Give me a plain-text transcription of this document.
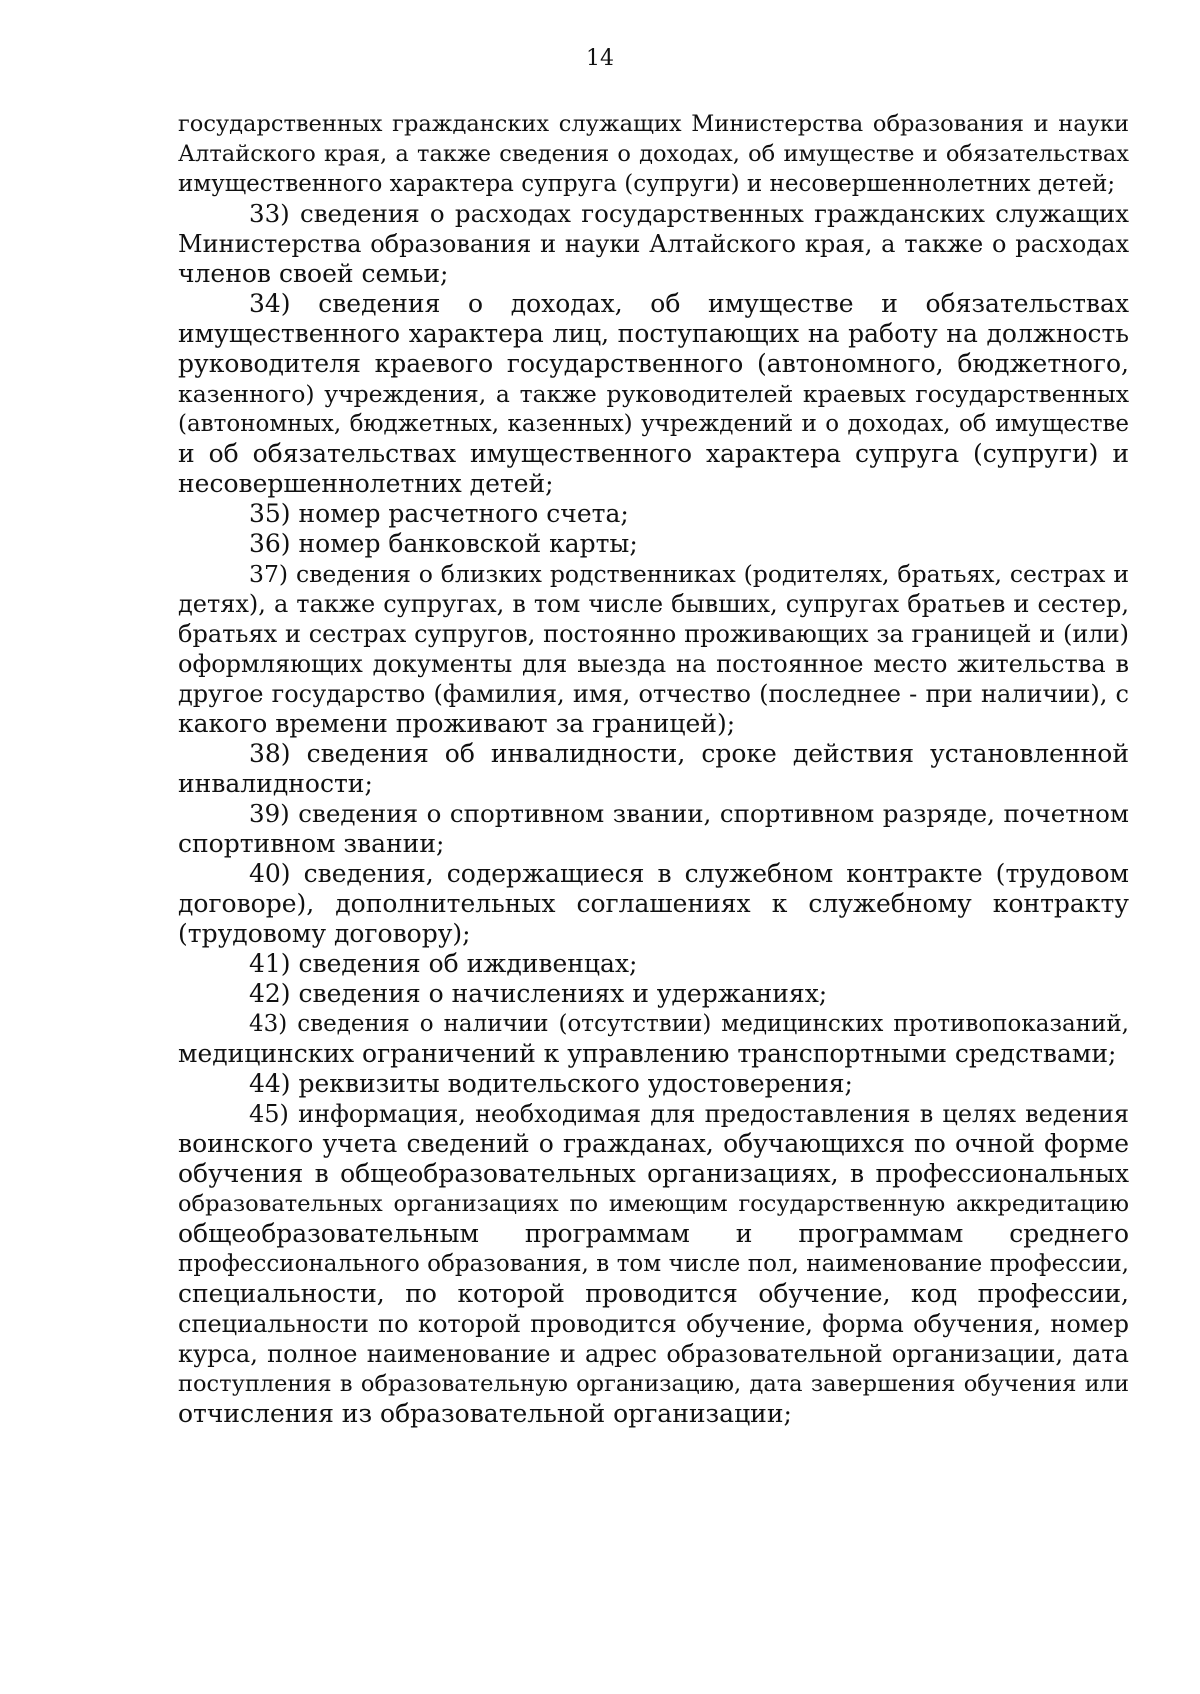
14
государственных гражданских служащих Министерства образования и науки
Алтайского края, а также сведения о доходах, об имуществе и обязательствах
имущественного характера супруга (супруги) и несовершеннолетних детей;
33) сведения о расходах государственных гражданских служащих
Министерства образования и науки Алтайского края, а также о расходах
членов своей семьи;
34) сведения о доходах, об имуществе и обязательствах
имущественного характера лиц, поступающих на работу на должность
руководителя краевого государственного (автономного, бюджетного,
казенного) учреждения, а также руководителей краевых государственных
(автономных, бюджетных, казенных) учреждений и о доходах, об имуществе
и об обязательствах имущественного характера супруга (супруги) и
несовершеннолетних детей;
35) номер расчетного счета;
36) номер банковской карты;
37) сведения о близких родственниках (родителях, братьях, сестрах и
детях), а также супругах, в том числе бывших, супругах братьев и сестер,
братьях и сестрах супругов, постоянно проживающих за границей и (или)
оформляющих документы для выезда на постоянное место жительства в
другое государство (фамилия, имя, отчество (последнее - при наличии), с
какого времени проживают за границей);
38) сведения об инвалидности, сроке действия установленной
инвалидности;
39) сведения о спортивном звании, спортивном разряде, почетном
спортивном звании;
40) сведения, содержащиеся в служебном контракте (трудовом
договоре), дополнительных соглашениях к служебному контракту
(трудовому договору);
41) сведения об иждивенцах;
42) сведения о начислениях и удержаниях;
43) сведения о наличии (отсутствии) медицинских противопоказаний,
медицинских ограничений к управлению транспортными средствами;
44) реквизиты водительского удостоверения;
45) информация, необходимая для предоставления в целях ведения
воинского учета сведений о гражданах, обучающихся по очной форме
обучения в общеобразовательных организациях, в профессиональных
образовательных организациях по имеющим государственную аккредитацию
общеобразовательным программам и программам среднего
профессионального образования, в том числе пол, наименование профессии,
специальности, по которой проводится обучение, код профессии,
специальности по которой проводится обучение, форма обучения, номер
курса, полное наименование и адрес образовательной организации, дата
поступления в образовательную организацию, дата завершения обучения или
отчисления из образовательной организации;
